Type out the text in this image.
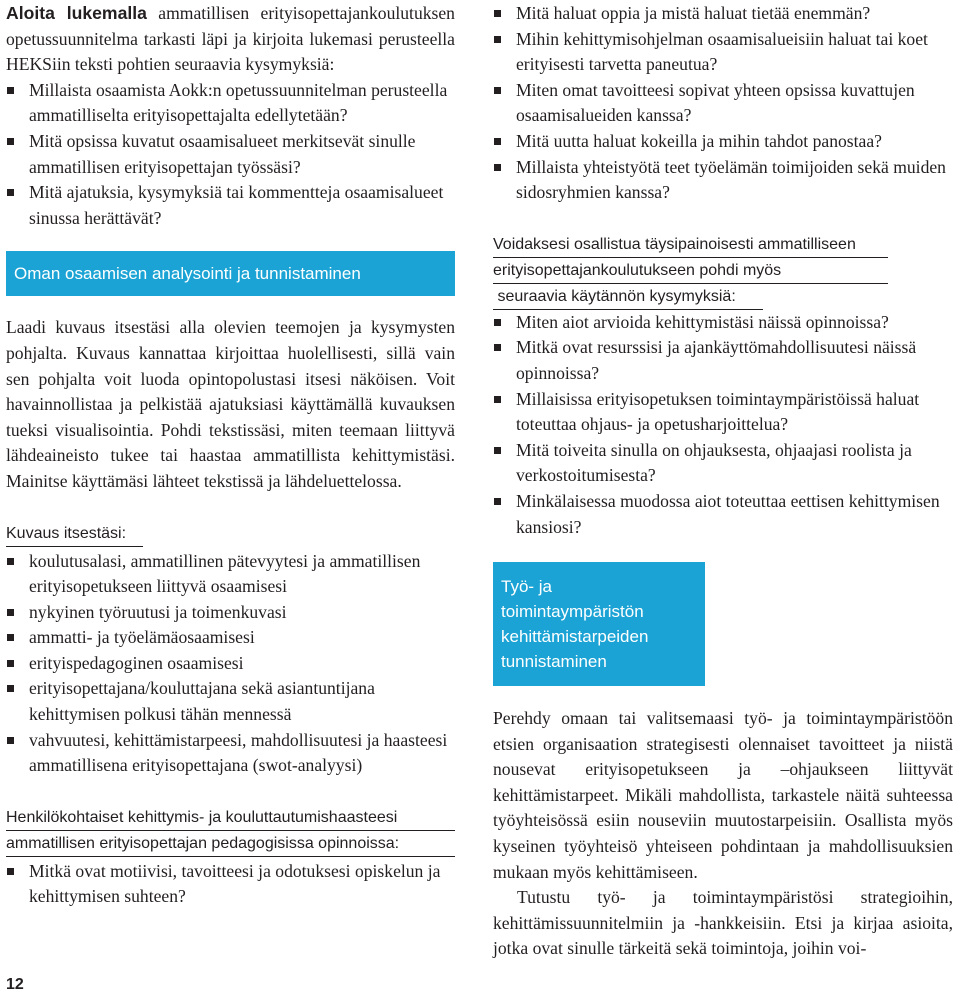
Aloita lukemalla ammatillisen erityisopettajankoulutuksen opetussuunnitelma tarkasti läpi ja kirjoita lukemasi perusteella HEKSiin teksti pohtien seuraavia kysymyksiä:

Millaista osaamista Aokk:n opetussuunnitelman perusteella ammatilliselta erityisopettajalta edellytetään?
Mitä opsissa kuvatut osaamisalueet merkitsevät sinulle ammatillisen erityisopettajan työssäsi?
Mitä ajatuksia, kysymyksiä tai kommentteja osaamisalueet sinussa herättävät?
Oman osaamisen analysointi ja tunnistaminen

Laadi kuvaus itsestäsi alla olevien teemojen ja kysymysten pohjalta. Kuvaus kannattaa kirjoittaa huolellisesti, sillä vain sen pohjalta voit luoda opintopolustasi itsesi näköisen. Voit havainnollistaa ja pelkistää ajatuksiasi käyttämällä kuvauksen tueksi visualisointia. Pohdi tekstissäsi, miten teemaan liittyvä lähdeaineisto tukee tai haastaa ammatillista kehittymistäsi. Mainitse käyttämäsi lähteet tekstissä ja lähdeluettelossa.

Kuvaus itsestäsi:
koulutusalasi, ammatillinen pätevyytesi ja ammatillisen erityisopetukseen liittyvä osaamisesi
nykyinen työruutusi ja toimenkuvasi
ammatti- ja työelämäosaamisesi
erityispedagoginen osaamisesi
erityisopettajana/kouluttajana sekä asiantuntijana kehittymisen polkusi tähän mennessä
vahvuutesi, kehittämistarpeesi, mahdollisuutesi ja haasteesi ammatillisena erityisopettajana (swot-analyysi)
Henkilökohtaiset kehittymis- ja kouluttautumishaasteesi
ammatillisen erityisopettajan pedagogisissa opinnoissa:
Mitkä ovat motiivisi, tavoitteesi ja odotuksesi opiskelun ja kehittymisen suhteen?
Mitä haluat oppia ja mistä haluat tietää enemmän?
Mihin kehittymisohjelman osaamisalueisiin haluat tai koet erityisesti tarvetta paneutua?
Miten omat tavoitteesi sopivat yhteen opsissa kuvattujen osaamisalueiden kanssa?
Mitä uutta haluat kokeilla ja mihin tahdot panostaa?
Millaista yhteistyötä teet työelämän toimijoiden sekä muiden sidosryhmien kanssa?
Voidaksesi osallistua täysipainoisesti ammatilliseen
erityisopettajankoulutukseen pohdi myös
seuraavia käytännön kysymyksiä:
Miten aiot arvioida kehittymistäsi näissä opinnoissa?
Mitkä ovat resurssisi ja ajankäyttömahdollisuutesi näissä opinnoissa?
Millaisissa erityisopetuksen toimintaympäristöissä haluat toteuttaa ohjaus- ja opetusharjoittelua?
Mitä toiveita sinulla on ohjauksesta, ohjaajasi roolista ja verkostoitumisesta?
Minkälaisessa muodossa aiot toteuttaa eettisen kehittymisen kansiosi?
Työ- ja toimintaympäristön kehittämistarpeiden tunnistaminen

Perehdy omaan tai valitsemaasi työ- ja toimintaympäristöön etsien organisaation strategisesti olennaiset tavoitteet ja niistä nousevat erityisopetukseen ja –ohjaukseen liittyvät kehittämistarpeet. Mikäli mahdollista, tarkastele näitä suhteessa työyhteisössä esiin nouseviin muutostarpeisiin. Osallista myös kyseinen työyhteisö yhteiseen pohdintaan ja mahdollisuuksien mukaan myös kehittämiseen.

Tutustu työ- ja toimintaympäristösi strategioihin, kehittämissuunnitelmiin ja -hankkeisiin. Etsi ja kirjaa asioita, jotka ovat sinulle tärkeitä sekä toimintoja, joihin voi-

12
